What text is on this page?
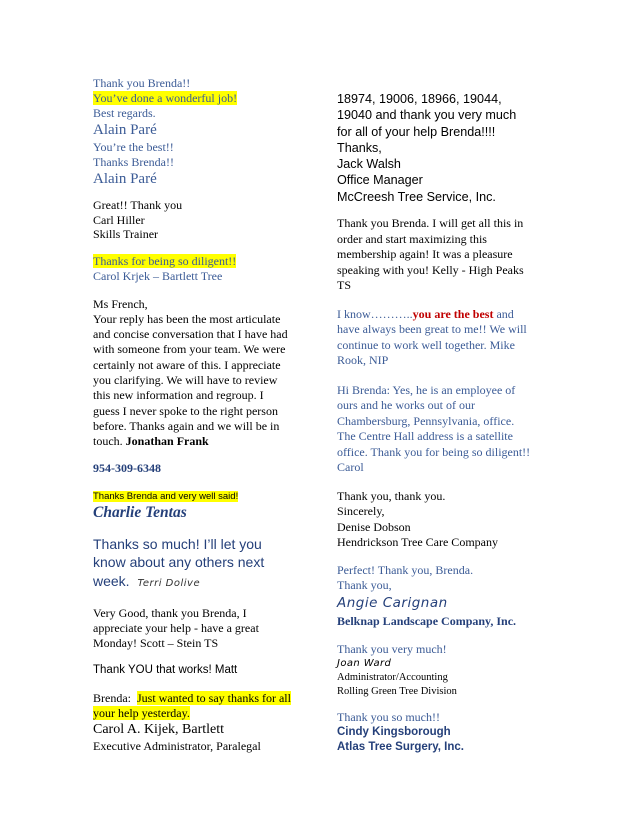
Thank you Brenda!!
You’ve done a wonderful job!
Best regards.
Alain Paré
You’re the best!!
Thanks Brenda!!
Alain Paré
Great!! Thank you
Carl Hiller
Skills Trainer
Thanks for being so diligent!!
Carol Krjek – Bartlett Tree
Ms French,
Your reply has been the most articulate
and concise conversation that I have had
with someone from your team. We were
certainly not aware of this. I appreciate
you clarifying. We will have to review
this new information and regroup. I
guess I never spoke to the right person
before. Thanks again and we will be in
touch. Jonathan Frank
954-309-6348
Thanks Brenda and very well said!
Charlie Tentas
Thanks so much! I’ll let you
know about any others next
week. Terri Dolive
Very Good, thank you Brenda, I
appreciate your help - have a great
Monday! Scott – Stein TS
Thank YOU that works! Matt
Brenda: Just wanted to say thanks for all
your help yesterday.
Carol A. Kijek, Bartlett
Executive Administrator, Paralegal
18974, 19006, 18966, 19044,
19040 and thank you very much
for all of your help Brenda!!!!
Thanks,
Jack Walsh
Office Manager
McCreesh Tree Service, Inc.
Thank you Brenda. I will get all this in
order and start maximizing this
membership again! It was a pleasure
speaking with you! Kelly - High Peaks
TS
I know………..you are the best and
have always been great to me!! We will
continue to work well together. Mike
Rook, NIP
Hi Brenda: Yes, he is an employee of
ours and he works out of our
Chambersburg, Pennsylvania, office.
The Centre Hall address is a satellite
office. Thank you for being so diligent!!
Carol
Thank you, thank you.
Sincerely,
Denise Dobson
Hendrickson Tree Care Company
Perfect! Thank you, Brenda.
Thank you,
Angie Carignan
Belknap Landscape Company, Inc.
Thank you very much!
Joan Ward
Administrator/Accounting
Rolling Green Tree Division
Thank you so much!!
Cindy Kingsborough
Atlas Tree Surgery, Inc.
